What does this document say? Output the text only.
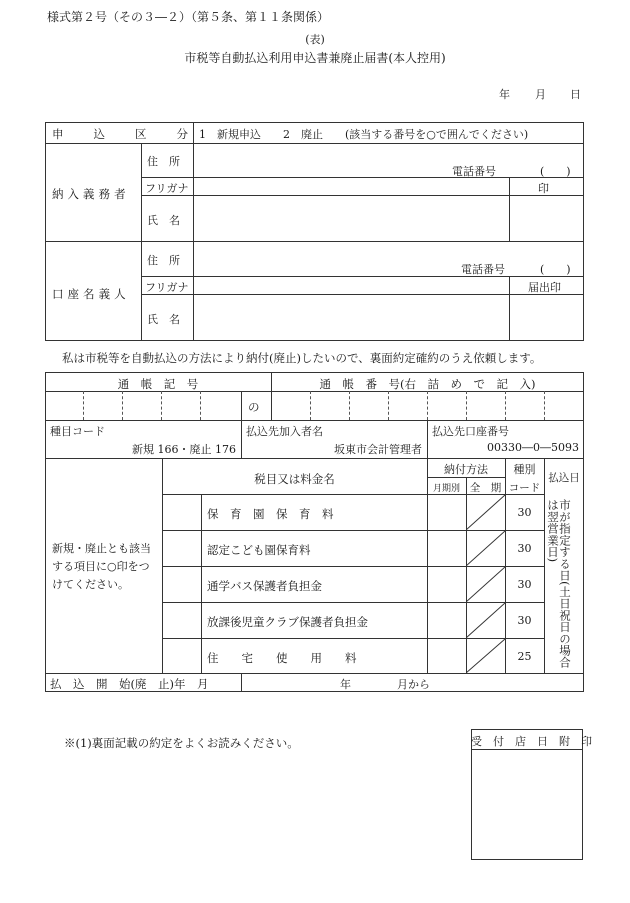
様式第２号（その３―２）（第５条、第１１条関係）
(表)
市税等自動払込利用申込書兼廃止届書(本人控用)
年 月 日
申　込　区　分 1　新規申込　　2　廃止　　(該当する番号を○で囲んでください)
納入義務者
住　所
電話番号	(　　)
フリガナ	印
氏　名
口座名義人
住　所
電話番号	(　　)
フリガナ	届出印
氏　名
私は市税等を自動払込の方法により納付(廃止)したいので、裏面約定確約のうえ依頼します。
通　帳　記　号	通　帳　番　号(右　詰　め　で　記　入)
の
種目コード
新規 166・廃止 176
払込先加入者名
坂東市会計管理者
払込先口座番号
00330―0―5093
税目又は料金名
納付方法
月期別 全　期
種別
コード
払込日
新規・廃止とも該当する項目に○印をつけてください。
保　育　園　保　育　料	30
認定こども園保育料	30
通学バス保護者負担金	30
放課後児童クラブ保護者負担金	30
住　　宅　　使　　用　　料	25	市が指定する日(土日祝日の場合は翌営業日)
払　込　開　始(廃　止)年　月	年	月から
※(1)裏面記載の約定をよくお読みください。	受　付　店　日　附　印
